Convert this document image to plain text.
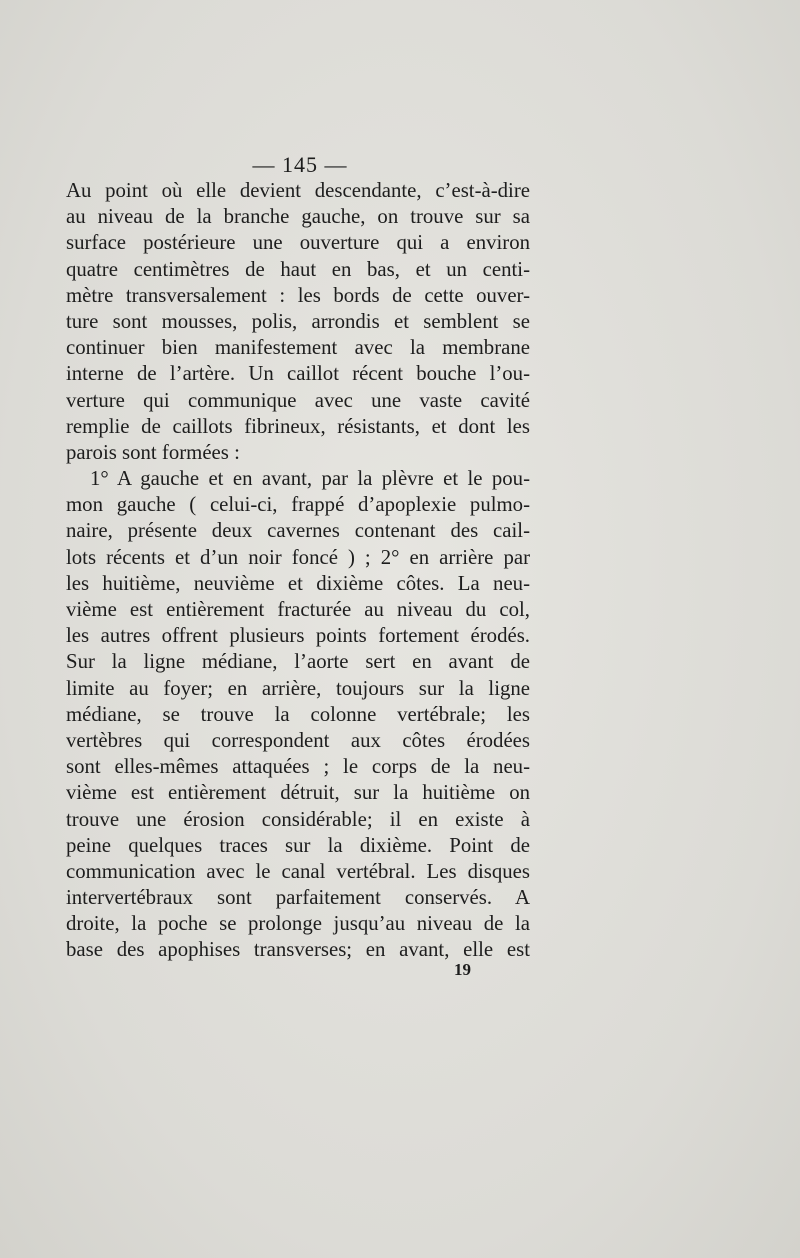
— 145 —
Au point où elle devient descendante, c’est-à-dire
au niveau de la branche gauche, on trouve sur sa
surface postérieure une ouverture qui a environ
quatre centimètres de haut en bas, et un centi-
mètre transversalement : les bords de cette ouver-
ture sont mousses, polis, arrondis et semblent se
continuer bien manifestement avec la membrane
interne de l’artère. Un caillot récent bouche l’ou-
verture qui communique avec une vaste cavité
remplie de caillots fibrineux, résistants, et dont les
parois sont formées :
1° A gauche et en avant, par la plèvre et le pou-
mon gauche ( celui-ci, frappé d’apoplexie pulmo-
naire, présente deux cavernes contenant des cail-
lots récents et d’un noir foncé ) ; 2° en arrière par
les huitième, neuvième et dixième côtes. La neu-
vième est entièrement fracturée au niveau du col,
les autres offrent plusieurs points fortement érodés.
Sur la ligne médiane, l’aorte sert en avant de
limite au foyer; en arrière, toujours sur la ligne
médiane, se trouve la colonne vertébrale; les
vertèbres qui correspondent aux côtes érodées
sont elles-mêmes attaquées ; le corps de la neu-
vième est entièrement détruit, sur la huitième on
trouve une érosion considérable; il en existe à
peine quelques traces sur la dixième. Point de
communication avec le canal vertébral. Les disques
intervertébraux sont parfaitement conservés. A
droite, la poche se prolonge jusqu’au niveau de la
base des apophises transverses; en avant, elle est
19
